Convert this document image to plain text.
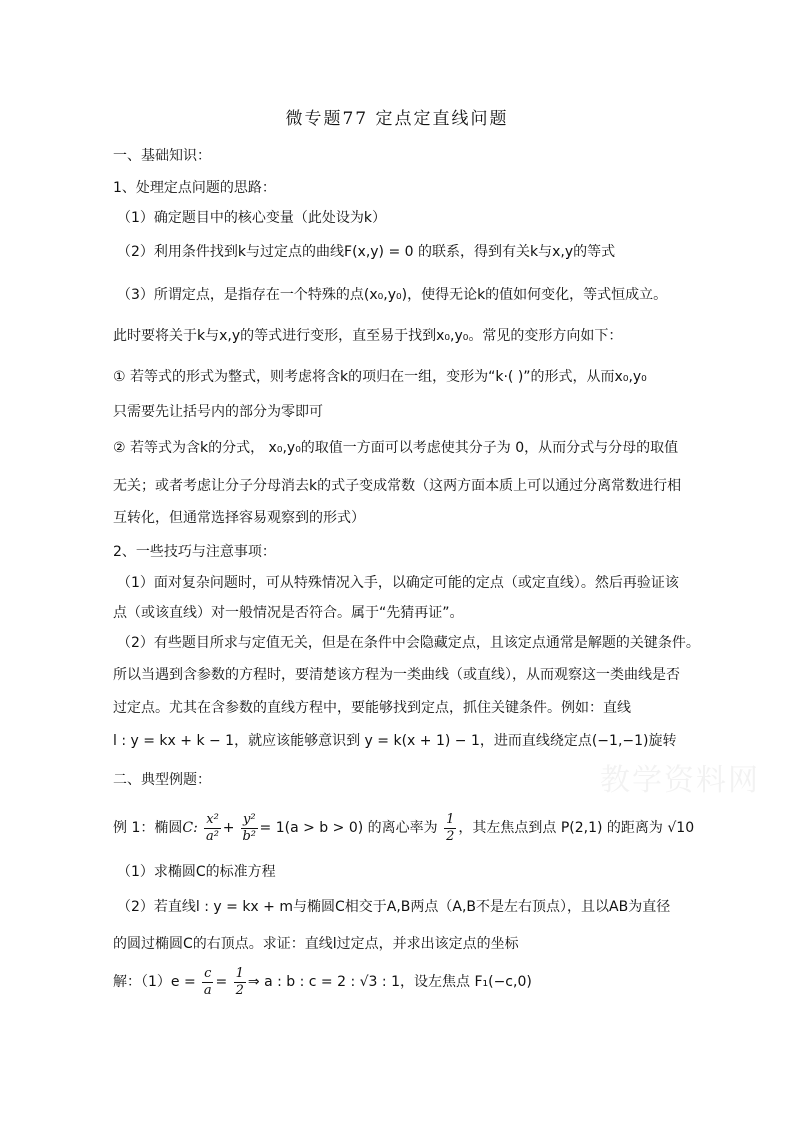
微专题77 定点定直线问题
一、基础知识：
1、处理定点问题的思路：
（1）确定题目中的核心变量（此处设为k）
（2）利用条件找到k与过定点的曲线F(x,y) = 0 的联系，得到有关k与x,y的等式
（3）所谓定点，是指存在一个特殊的点(x₀,y₀)，使得无论k的值如何变化，等式恒成立。
此时要将关于k与x,y的等式进行变形，直至易于找到x₀,y₀。常见的变形方向如下：
① 若等式的形式为整式，则考虑将含k的项归在一组，变形为“k·( )”的形式，从而x₀,y₀
只需要先让括号内的部分为零即可
② 若等式为含k的分式， x₀,y₀的取值一方面可以考虑使其分子为 0，从而分式与分母的取值
无关；或者考虑让分子分母消去k的式子变成常数（这两方面本质上可以通过分离常数进行相
互转化，但通常选择容易观察到的形式）
2、一些技巧与注意事项：
（1）面对复杂问题时，可从特殊情况入手，以确定可能的定点（或定直线）。然后再验证该
点（或该直线）对一般情况是否符合。属于“先猜再证”。
（2）有些题目所求与定值无关，但是在条件中会隐藏定点，且该定点通常是解题的关键条件。
所以当遇到含参数的方程时，要清楚该方程为一类曲线（或直线），从而观察这一类曲线是否
过定点。尤其在含参数的直线方程中，要能够找到定点，抓住关键条件。例如：直线
l : y = kx + k − 1，就应该能够意识到 y = k(x + 1) − 1，进而直线绕定点(−1,−1)旋转
二、典型例题：
例 1：椭圆C: $\frac{\text{x²}}{\text{a²}} + \frac{\text{y²}}{\text{b²}} = 1(a > b > 0)$ 的离心率为 $\frac{1}{2}$ ，其左焦点到点 P(2,1) 的距离为 √10
（1）求椭圆C的标准方程
（2）若直线l : y = kx + m与椭圆C相交于A,B两点（A,B不是左右顶点），且以AB为直径
的圆过椭圆C的右顶点。求证：直线l过定点，并求出该定点的坐标
解：$(1)e = \frac{c}{a} = \frac{1}{2}$ ⇒ a : b : c = 2 : √3 : 1，设左焦点 F₁(−c,0)
教学资料网
